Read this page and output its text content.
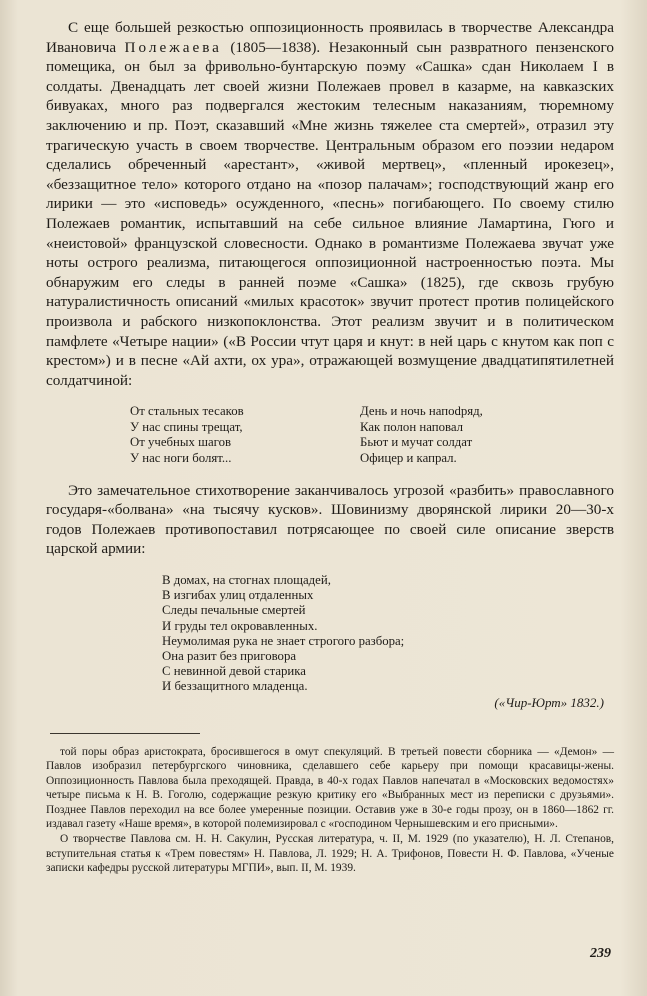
С еще большей резкостью оппозиционность проявилась в творчестве Александра Ивановича Полежаева (1805—1838). Незаконный сын развратного пензенского помещика, он был за фривольно-бунтарскую поэму «Сашка» сдан Николаем I в солдаты. Двенадцать лет своей жизни Полежаев провел в казарме, на кавказских бивуаках, много раз подвергался жестоким телесным наказаниям, тюремному заключению и пр. Поэт, сказавший «Мне жизнь тяжелее ста смертей», отразил эту трагическую участь в своем творчестве. Центральным образом его поэзии недаром сделались обреченный «арестант», «живой мертвец», «пленный ирокезец», «беззащитное тело» которого отдано на «позор палачам»; господствующий жанр его лирики — это «исповедь» осужденного, «песнь» погибающего. По своему стилю Полежаев романтик, испытавший на себе сильное влияние Ламартина, Гюго и «неистовой» французской словесности. Однако в романтизме Полежаева звучат уже ноты острого реализма, питающегося оппозиционной настроенностью поэта. Мы обнаружим его следы в ранней поэме «Сашка» (1825), где сквозь грубую натуралистичность описаний «милых красоток» звучит протест против полицейского произвола и рабского низкопоклонства. Этот реализм звучит и в политическом памфлете «Четыре нации» («В России чтут царя и кнут: в ней царь с кнутом как поп с крестом») и в песне «Ай ахти, ох ура», отражающей возмущение двадцатипятилетней солдатчиной:

От стальных тесаков
У нас спины трещат,
От учебных шагов
У нас ноги болят...
День и ночь напоdряд,
Как полон наповал
Бьют и мучат солдат
Офицер и капрал.

Это замечательное стихотворение заканчивалось угрозой «разбить» православного государя-«болвана» «на тысячу кусков». Шовинизму дворянской лирики 20—30-х годов Полежаев противопоставил потрясающее по своей силе описание зверств царской армии:

В домах, на стогнах площадей,
В изгибах улиц отдаленных
Следы печальные смертей
И груды тел окровавленных.
Неумолимая рука не знает строгого разбора;
Она разит без приговора
С невинной девой старика
И беззащитного младенца.
(«Чир-Юрт» 1832.)

той поры образ аристократа, бросившегося в омут спекуляций. В третьей повести сборника — «Демон» — Павлов изобразил петербургского чиновника, сделавшего себе карьеру при помощи красавицы-жены. Оппозиционность Павлова была преходящей. Правда, в 40-х годах Павлов напечатал в «Московских ведомостях» четыре письма к Н. В. Гоголю, содержащие резкую критику его «Выбранных мест из переписки с друзьями». Позднее Павлов переходил на все более умеренные позиции. Оставив уже в 30-е годы прозу, он в 1860—1862 гг. издавал газету «Наше время», в которой полемизировал с «господином Чернышевским и его присными».

О творчестве Павлова см. Н. Н. Сакулин, Русская литература, ч. II, М. 1929 (по указателю), Н. Л. Степанов, вступительная статья к «Трем повестям» Н. Павлова, Л. 1929; Н. А. Трифонов, Повести Н. Ф. Павлова, «Ученые записки кафедры русской литературы МГПИ», вып. II, М. 1939.

239
